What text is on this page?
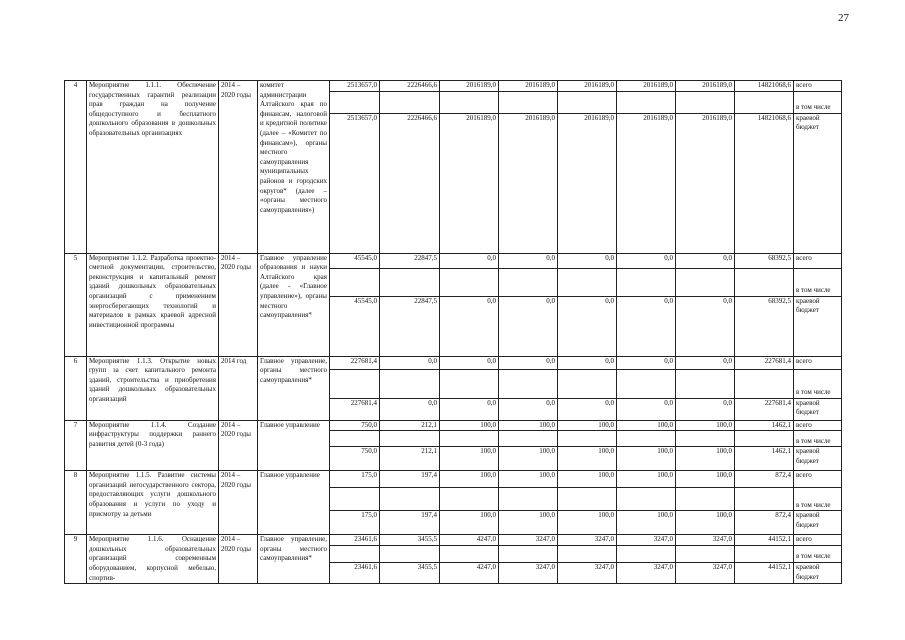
27
4	Мероприятие 1.1.1. Обеспечение государственных гарантий реализации прав граждан на получение общедоступного и бесплатного дошкольного образования в дошкольных образовательных организациях	2014 – 2020 годы	комитет администрации Алтайского края по финансам, налоговой и кредитной политике (далее – «Комитет по финансам»), органы местного самоуправления муниципальных районов и городских округов* (далее – «органы местного самоуправления»)	2513657,0	2226466,6	2016189,0	2016189,0	2016189,0	2016189,0	2016189,0	14821068,6	всего
												в том числе
				2513657,0	2226466,6	2016189,0	2016189,0	2016189,0	2016189,0	2016189,0	14821068,6	краевой бюджет
5	Мероприятие 1.1.2. Разработка проектно-сметной документации, строительство, реконструкция и капитальный ремонт зданий дошкольных образовательных организаций с применением энергосберегающих технологий и материалов в рамках краевой адресной инвестиционной программы	2014 – 2020 годы	Главное управление образования и науки Алтайского края (далее - «Главное управление»), органы местного самоуправления*	45545,0	22847,5	0,0	0,0	0,0	0,0	0,0	68392,5	всего
												в том числе
				45545,0	22847,5	0,0	0,0	0,0	0,0	0,0	68392,5	краевой бюджет
6	Мероприятие 1.1.3. Открытие новых групп за счет капитального ремонта зданий, строительства и приобретения зданий дошкольных образовательных организаций	2014 год	Главное управление, органы местного самоуправления*	227681,4	0,0	0,0	0,0	0,0	0,0	0,0	227681,4	всего
												в том числе
				227681,4	0,0	0,0	0,0	0,0	0,0	0,0	227681,4	краевой бюджет
7	Мероприятие 1.1.4. Создание инфраструктуры поддержки раннего развития детей (0-3 года)	2014 – 2020 годы	Главное управление	750,0	212,1	100,0	100,0	100,0	100,0	100,0	1462,1	всего
												в том числе
				750,0	212,1	100,0	100,0	100,0	100,0	100,0	1462,1	краевой бюджет
8	Мероприятие 1.1.5. Развитие системы организаций негосударственного сектора, предоставляющих услуги дошкольного образования и услуги по уходу и присмотру за детьми	2014 – 2020 годы	Главное управление	175,0	197,4	100,0	100,0	100,0	100,0	100,0	872,4	всего
												в том числе
				175,0	197,4	100,0	100,0	100,0	100,0	100,0	872,4	краевой бюджет
9	Мероприятие 1.1.6. Оснащение дошкольных образовательных организаций современным оборудованием, корпусной мебелью, спортив-	2014 – 2020 годы	Главное управление, органы местного самоуправления*	23461,6	3455,5	4247,0	3247,0	3247,0	3247,0	3247,0	44152,1	всего
												в том числе
				23461,6	3455,5	4247,0	3247,0	3247,0	3247,0	3247,0	44152,1	краевой бюджет
